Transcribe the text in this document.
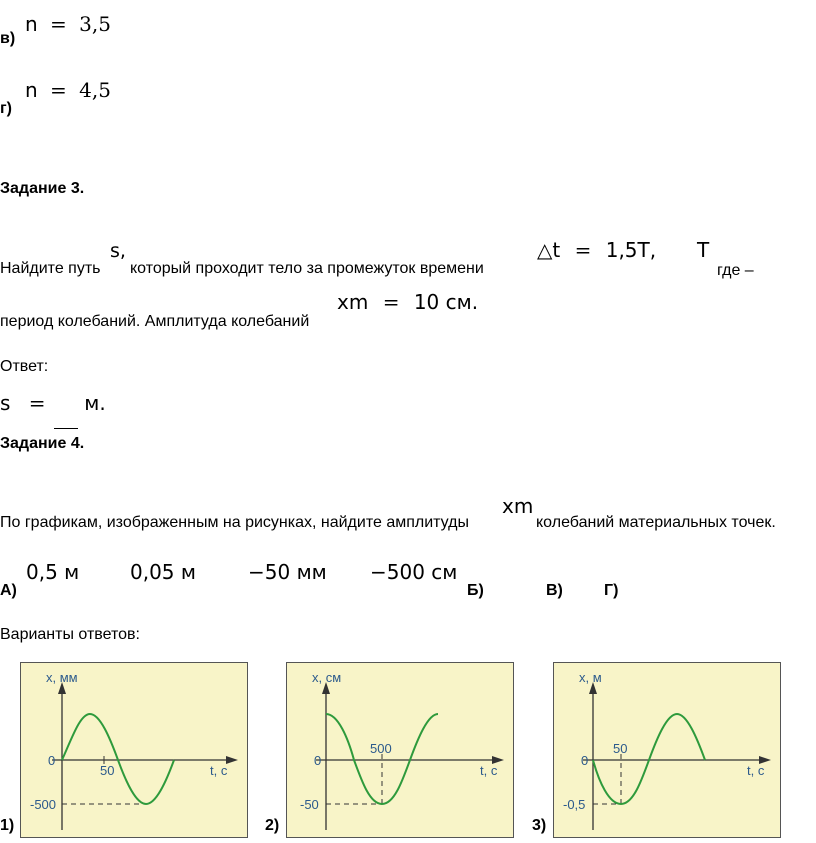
в)
n = 3,5
г)
n = 4,5
Задание 3.
Найдите путь
s,
который проходит тело за промежуток времени
△t = 1,5T, T
где –
период колебаний. Амплитуда колебаний
xm = 10 см.
Ответ:
s = м.
Задание 4.
По графикам, изображенным на рисунках, найдите амплитуды
xm
колебаний материальных точек.
А)
0,5 м	0,05 м	−50 мм −500 см
Б)	В)	Г)
Варианты ответов:
1)
x, мм
t, с
0
50
-500
2)
x, см
t, с
0
500
-50
3)
x, м
t, с
0
50
-0,5
